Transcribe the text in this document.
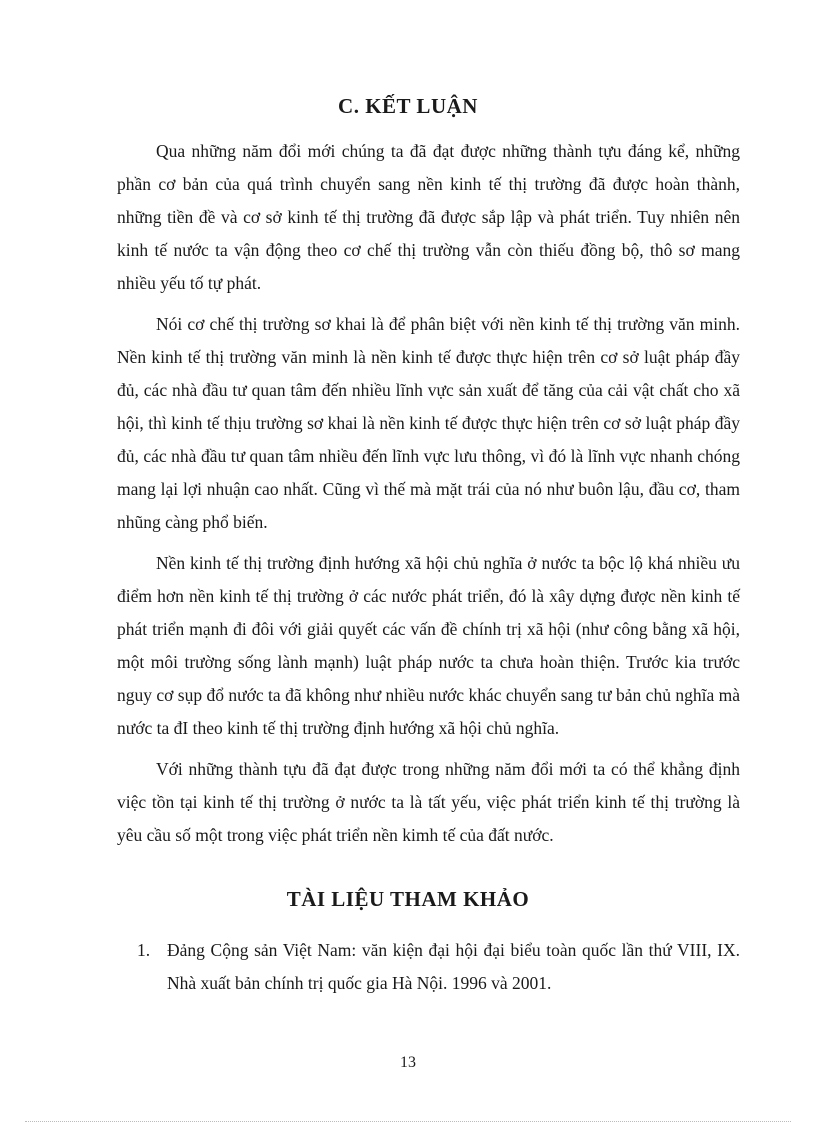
C. KẾT LUẬN

Qua những năm đổi mới chúng ta đã đạt được những thành tựu đáng kể, những phần cơ bản của quá trình chuyển sang nền kinh tế thị trường đã được hoàn thành, những tiền đề và cơ sở kinh tế thị trường đã được sắp lập và phát triển. Tuy nhiên nên kinh tế nước ta vận động theo cơ chế thị trường vẫn còn thiếu đồng bộ, thô sơ mang nhiều yếu tố tự phát.

Nói cơ chế thị trường sơ khai là để phân biệt với nền kinh tế thị trường văn minh. Nền kinh tế thị trường văn minh là nền kinh tế được thực hiện trên cơ sở luật pháp đầy đủ, các nhà đầu tư quan tâm đến nhiều lĩnh vực sản xuất để tăng của cải vật chất cho xã hội, thì kinh tế thịu trường sơ khai là nền kinh tế được thực hiện trên cơ sở luật pháp đầy đủ, các nhà đầu tư quan tâm nhiều đến lĩnh vực lưu thông, vì đó là lĩnh vực nhanh chóng mang lại lợi nhuận cao nhất. Cũng vì thế mà mặt trái của nó như buôn lậu, đầu cơ, tham nhũng càng phổ biến.

Nền kinh tế thị trường định hướng xã hội chủ nghĩa ở nước ta bộc lộ khá nhiều ưu điểm hơn nền kinh tế thị trường ở các nước phát triển, đó là xây dựng được nền kinh tế phát triển mạnh đi đôi với giải quyết các vấn đề chính trị xã hội (như công bằng xã hội, một môi trường sống lành mạnh) luật pháp nước ta chưa hoàn thiện. Trước kia trước nguy cơ sụp đổ nước ta đã không như nhiều nước khác chuyển sang tư bản chủ nghĩa mà nước ta đI theo kinh tế thị trường định hướng xã hội chủ nghĩa.

Với những thành tựu đã đạt được trong những năm đổi mới ta có thể khẳng định việc tồn tại kinh tế thị trường ở nước ta là tất yếu, việc phát triển kinh tế thị trường là yêu cầu số một trong việc phát triển nền kimh tế của đất nước.

TÀI LIỆU THAM KHẢO
1. Đảng Cộng sản Việt Nam: văn kiện đại hội đại biểu toàn quốc lần thứ VIII, IX. Nhà xuất bản chính trị quốc gia Hà Nội. 1996 và 2001.
13
